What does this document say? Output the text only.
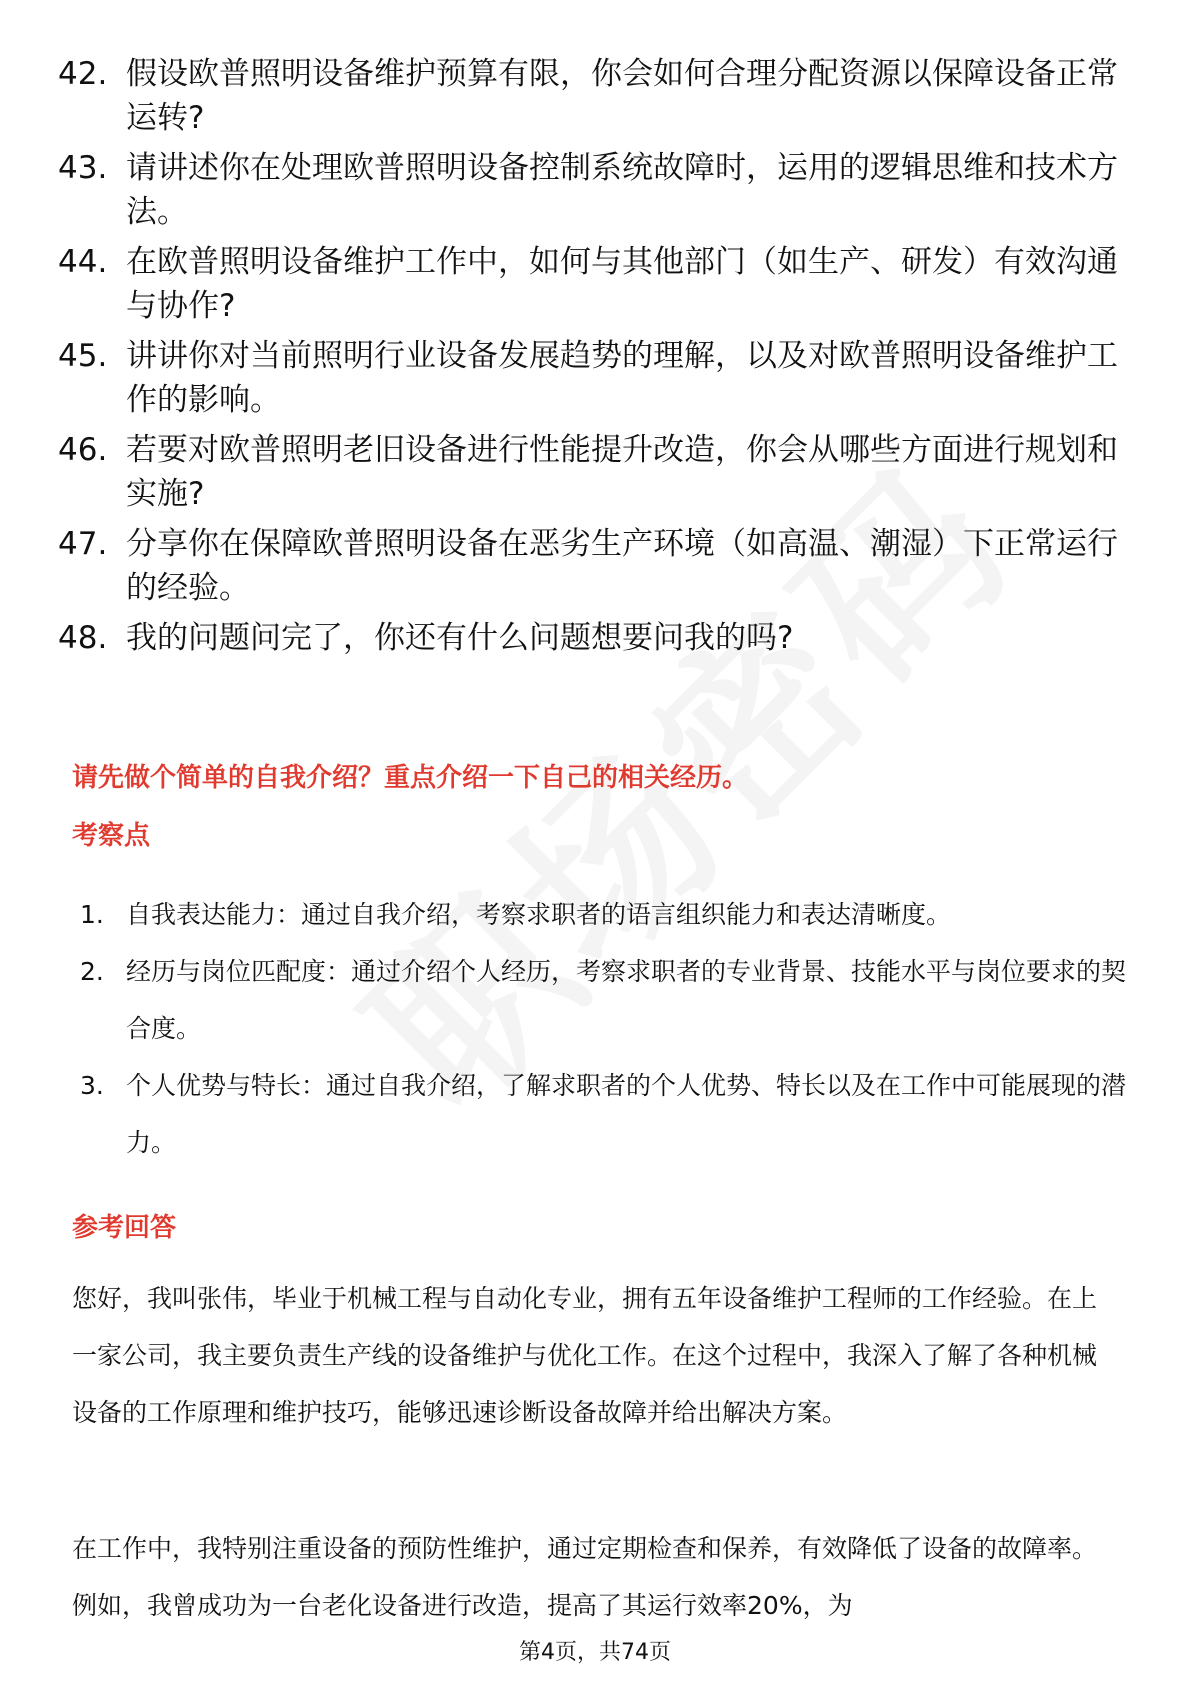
42. 假设欧普照明设备维护预算有限，你会如何合理分配资源以保障设备正常运转?
43. 请讲述你在处理欧普照明设备控制系统故障时，运用的逻辑思维和技术方法。
44. 在欧普照明设备维护工作中，如何与其他部门（如生产、研发）有效沟通与协作?
45. 讲讲你对当前照明行业设备发展趋势的理解，以及对欧普照明设备维护工作的影响。
46. 若要对欧普照明老旧设备进行性能提升改造，你会从哪些方面进行规划和实施?
47. 分享你在保障欧普照明设备在恶劣生产环境（如高温、潮湿）下正常运行的经验。
48. 我的问题问完了，你还有什么问题想要问我的吗?
请先做个简单的自我介绍？重点介绍一下自己的相关经历。
考察点
1. 自我表达能力：通过自我介绍，考察求职者的语言组织能力和表达清晰度。
2. 经历与岗位匹配度：通过介绍个人经历，考察求职者的专业背景、技能水平与岗位要求的契合度。
3. 个人优势与特长：通过自我介绍，了解求职者的个人优势、特长以及在工作中可能展现的潜力。
参考回答
您好，我叫张伟，毕业于机械工程与自动化专业，拥有五年设备维护工程师的工作经验。在上一家公司，我主要负责生产线的设备维护与优化工作。在这个过程中，我深入了解了各种机械设备的工作原理和维护技巧，能够迅速诊断设备故障并给出解决方案。
在工作中，我特别注重设备的预防性维护，通过定期检查和保养，有效降低了设备的故障率。例如，我曾成功为一台老化设备进行改造，提高了其运行效率20%，为
第4页，共74页
